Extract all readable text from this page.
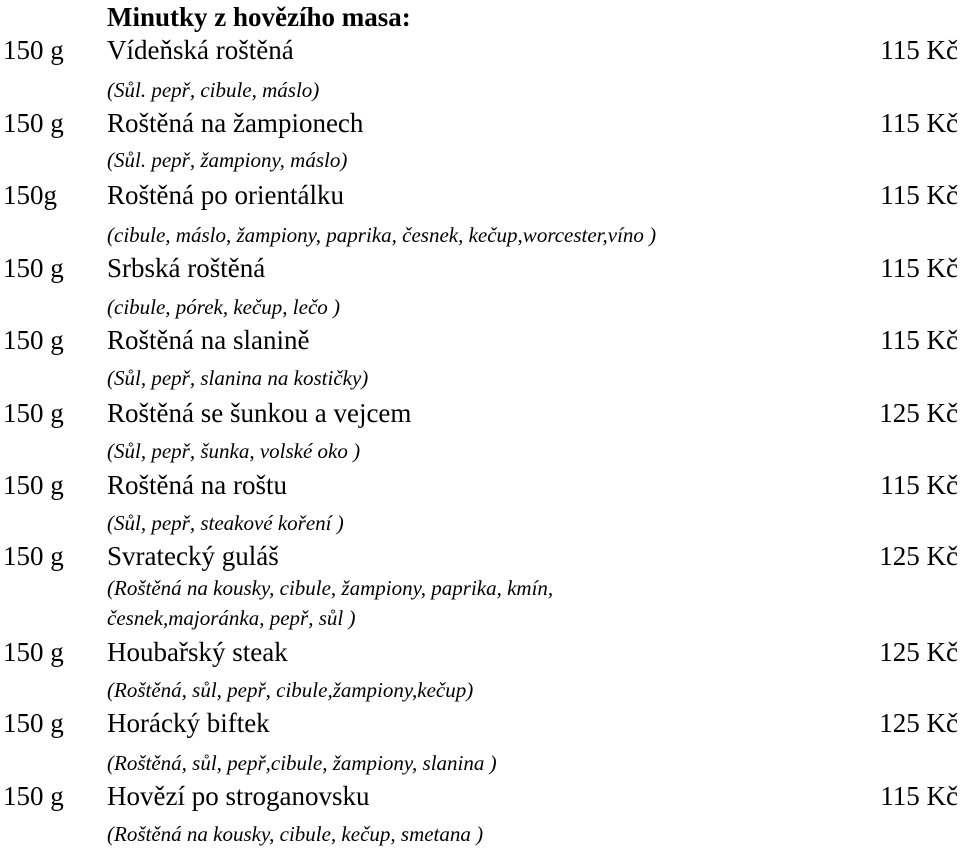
Minutky z hovězího masa:
150 g Vídeňská roštěná	115 Kč
(Sůl. pepř, cibule, máslo)
150 g Roštěná na žampionech	115 Kč
(Sůl. pepř, žampiony, máslo)
150g Roštěná po orientálku	115 Kč
(cibule, máslo, žampiony, paprika, česnek, kečup,worcester,víno )
150 g Srbská roštěná	115 Kč
(cibule, pórek, kečup, lečo )
150 g Roštěná na slanině	115 Kč
(Sůl, pepř, slanina na kostičky)
150 g Roštěná se šunkou a vejcem	125 Kč
(Sůl, pepř, šunka, volské oko )
150 g Roštěná na roštu	115 Kč
(Sůl, pepř, steakové koření )
150 g Svratecký guláš	125 Kč
(Roštěná na kousky, cibule, žampiony, paprika, kmín,
česnek,majoránka, pepř, sůl )
150 g Houbařský steak	125 Kč
(Roštěná, sůl, pepř, cibule,žampiony,kečup)
150 g Horácký biftek	125 Kč
(Roštěná, sůl, pepř,cibule, žampiony, slanina )
150 g Hovězí po stroganovsku	115 Kč
(Roštěná na kousky, cibule, kečup, smetana )
